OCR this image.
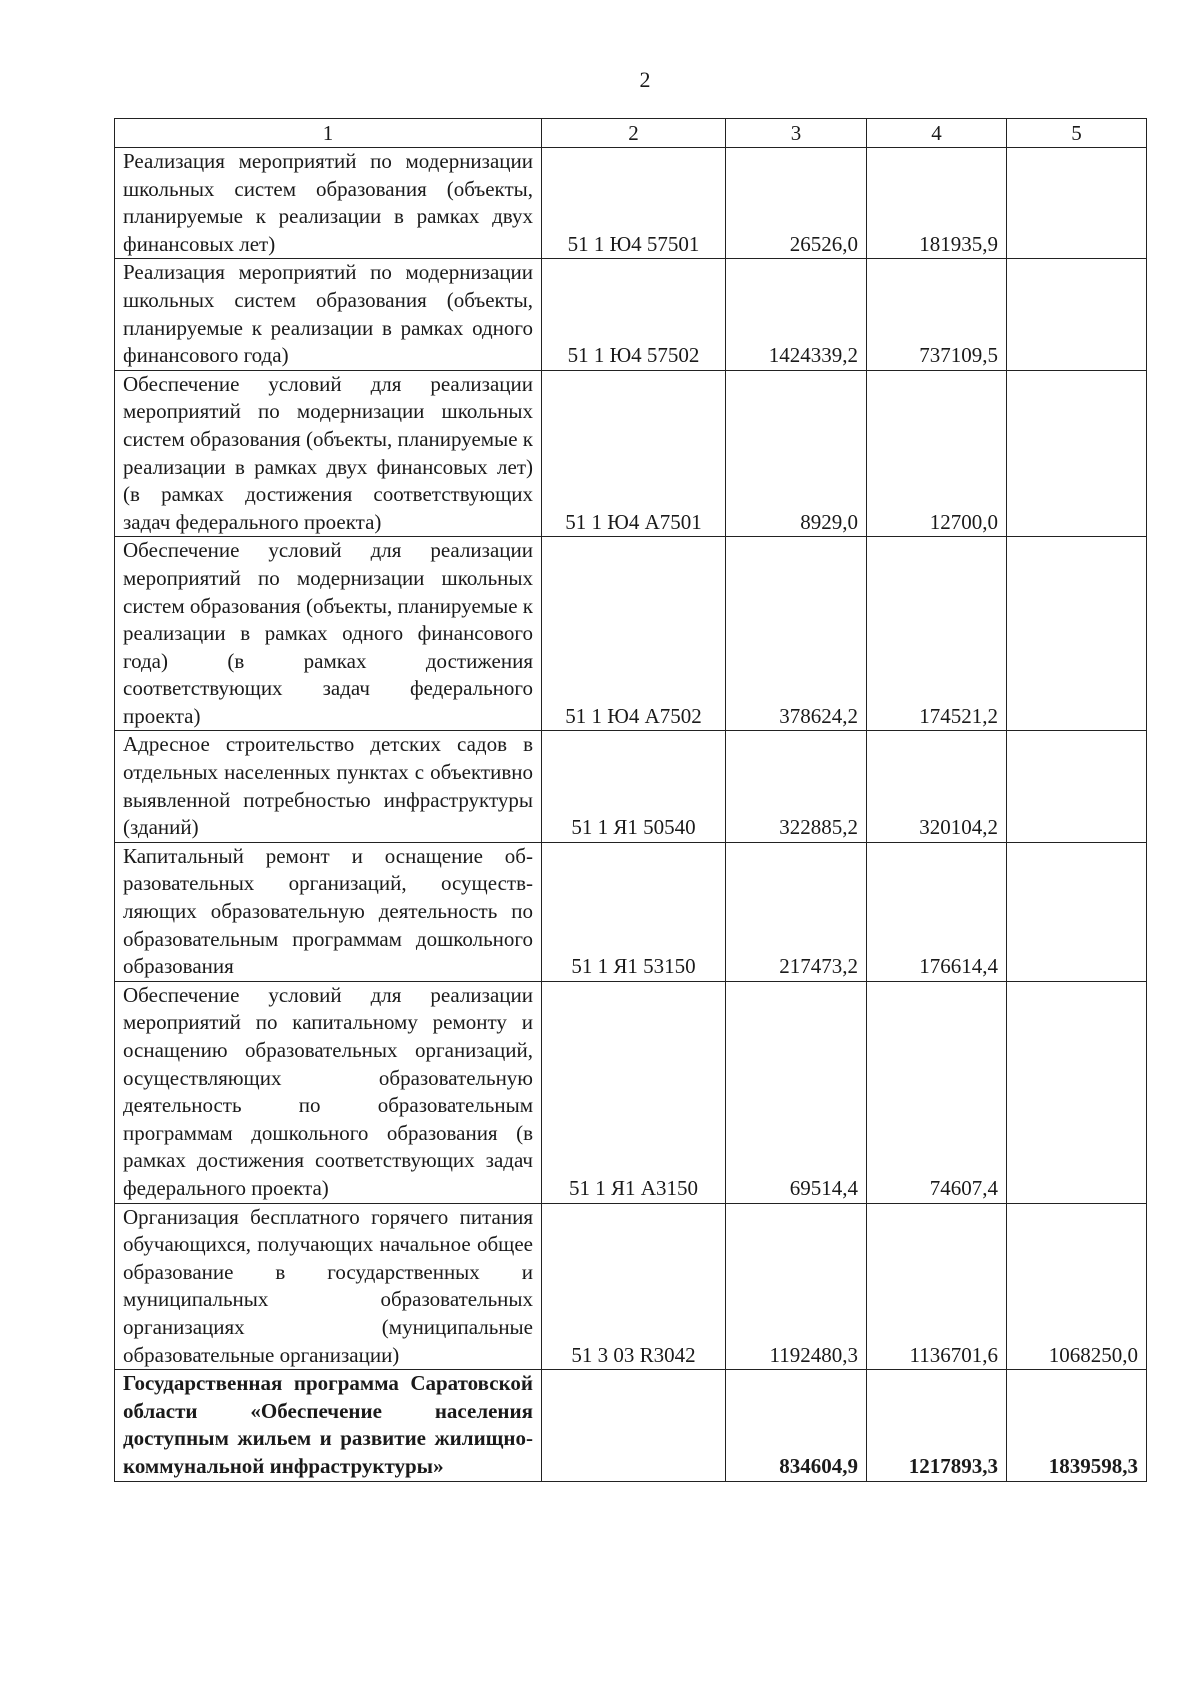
2
1	2	3	4	5
Реализация мероприятий по модернизации школьных систем образования (объекты, планируемые к реализации в рамках двух финансовых лет)	51 1 Ю4 57501	26526,0	181935,9	
Реализация мероприятий по модернизации школьных систем образования (объекты, планируемые к реализации в рамках одного финансового года)	51 1 Ю4 57502	1424339,2	737109,5	
Обеспечение условий для реализации мероприятий по модернизации школьных систем образования (объекты, планируемые к реализации в рамках двух финансовых лет) (в рамках достижения соответствующих задач федерального проекта)	51 1 Ю4 А7501	8929,0	12700,0	
Обеспечение условий для реализации мероприятий по модернизации школьных систем образования (объекты, планируемые к реализации в рамках одного финансового года) (в рамках достижения соответствующих задач федерального проекта)	51 1 Ю4 А7502	378624,2	174521,2	
Адресное строительство детских садов в отдельных населенных пунктах с объективно выявленной потребностью инфраструктуры (зданий)	51 1 Я1 50540	322885,2	320104,2	
Капитальный ремонт и оснащение образовательных организаций, осуществляющих образовательную деятельность по образовательным программам дошкольного образования	51 1 Я1 53150	217473,2	176614,4	
Обеспечение условий для реализации мероприятий по капитальному ремонту и оснащению образовательных организаций, осуществляющих образовательную деятельность по образовательным программам дошкольного образования (в рамках достижения соответствующих задач федерального проекта)	51 1 Я1 А3150	69514,4	74607,4	
Организация бесплатного горячего питания обучающихся, получающих начальное общее образование в государственных и муниципальных образовательных организациях (муниципальные образовательные организации)	51 3 03 R3042	1192480,3	1136701,6	1068250,0
Государственная программа Саратовской области «Обеспечение населения доступным жильем и развитие жилищно-коммунальной инфраструктуры»		834604,9	1217893,3	1839598,3
